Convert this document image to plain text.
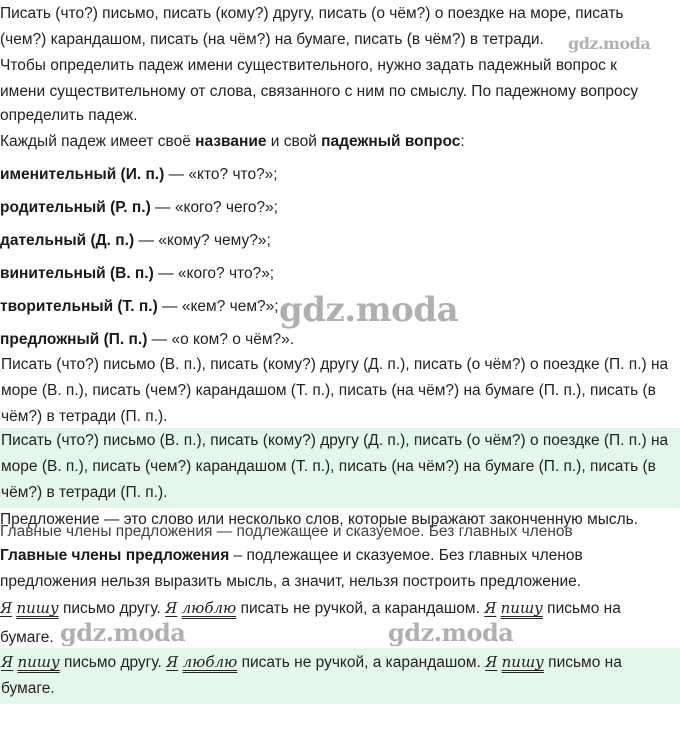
Писать (что?) письмо, писать (кому?) другу, писать (о чём?) о поездке на море, писать
(чем?) карандашом, писать (на чём?) на бумаге, писать (в чём?) в тетради. gdz.moda
Чтобы определить падеж имени существительного, нужно задать падежный вопрос к
имени существительному от слова, связанного с ним по смыслу. По падежному вопросу
определить падеж.
Каждый падеж имеет своё название и свой падежный вопрос:
именительный (И. п.) — «кто? что?»;
родительный (Р. п.) — «кого? чего?»;
дательный (Д. п.) — «кому? чему?»;
винительный (В. п.) — «кого? что?»;
творительный (Т. п.) — «кем? чем?»;
предложный (П. п.) — «о ком? о чём?».
gdz.moda
Писать (что?) письмо (В. п.), писать (кому?) другу (Д. п.), писать (о чём?) о поездке (П. п.) на
море (В. п.), писать (чем?) карандашом (Т. п.), писать (на чём?) на бумаге (П. п.), писать (в
чём?) в тетради (П. п.).
Писать (что?) письмо (В. п.), писать (кому?) другу (Д. п.), писать (о чём?) о поездке (П. п.) на
море (В. п.), писать (чем?) карандашом (Т. п.), писать (на чём?) на бумаге (П. п.), писать (в
чём?) в тетради (П. п.).
Предложение — это слово или несколько слов, которые выражают законченную мысль.
Главные члены предложения — подлежащее и сказуемое. Без главных членов
Главные члены предложения – подлежащее и сказуемое. Без главных членов
предложения нельзя выразить мысль, а значит, нельзя построить предложение.
Я пишу письмо другу. Я люблю писать не ручкой, а карандашом. Я пишу письмо на
бумаге. gdz.moda	gdz.moda
Я пишу письмо другу. Я люблю писать не ручкой, а карандашом. Я пишу письмо на
бумаге.
